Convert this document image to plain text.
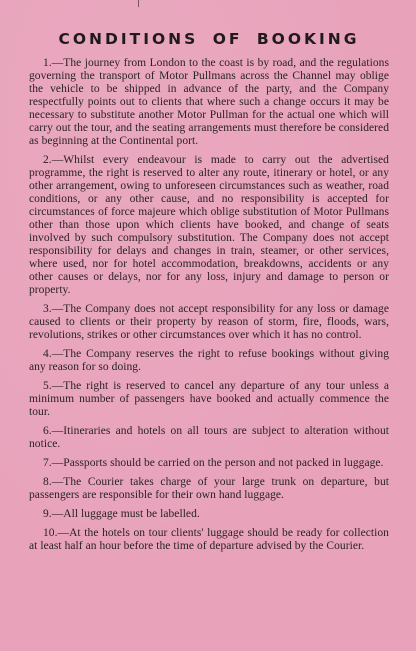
CONDITIONS OF BOOKING

1.—The journey from London to the coast is by road, and the regulations governing the transport of Motor Pullmans across the Channel may oblige the vehicle to be shipped in advance of the party, and the Company respectfully points out to clients that where such a change occurs it may be necessary to substitute another Motor Pullman for the actual one which will carry out the tour, and the seating arrangements must therefore be considered as beginning at the Continental port.

2.—Whilst every endeavour is made to carry out the advertised programme, the right is reserved to alter any route, itinerary or hotel, or any other arrangement, owing to unforeseen circumstances such as weather, road conditions, or any other cause, and no responsibility is accepted for circumstances of force majeure which oblige substitution of Motor Pullmans other than those upon which clients have booked, and change of seats involved by such compulsory substitution. The Company does not accept responsibility for delays and changes in train, steamer, or other services, where used, nor for hotel accommodation, breakdowns, accidents or any other causes or delays, nor for any loss, injury and damage to person or property.

3.—The Company does not accept responsibility for any loss or damage caused to clients or their property by reason of storm, fire, floods, wars, revolutions, strikes or other circumstances over which it has no control.

4.—The Company reserves the right to refuse bookings without giving any reason for so doing.

5.—The right is reserved to cancel any departure of any tour unless a minimum number of passengers have booked and actually commence the tour.

6.—Itineraries and hotels on all tours are subject to alteration without notice.

7.—Passports should be carried on the person and not packed in luggage.

8.—The Courier takes charge of your large trunk on departure, but passengers are responsible for their own hand luggage.

9.—All luggage must be labelled.

10.—At the hotels on tour clients' luggage should be ready for collection at least half an hour before the time of departure advised by the Courier.
